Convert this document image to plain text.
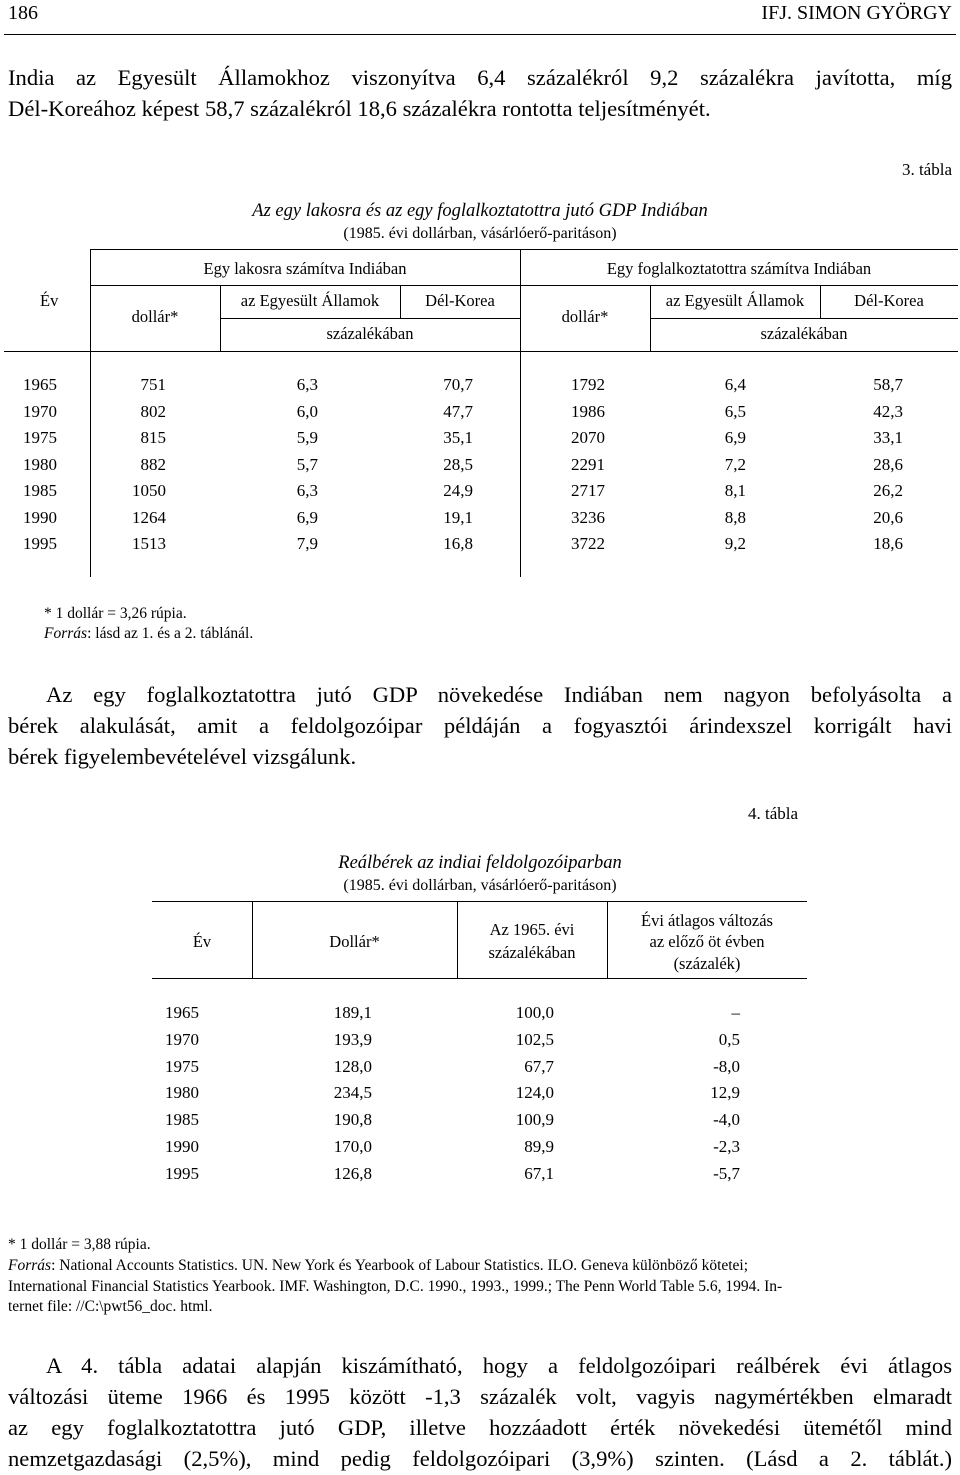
186	IFJ. SIMON GYÖRGY
India az Egyesült Államokhoz viszonyítva 6,4 százalékról 9,2 százalékra javította, míg
Dél-Koreához képest 58,7 százalékról 18,6 százalékra rontotta teljesítményét.
3. tábla
Az egy lakosra és az egy foglalkoztatottra jutó GDP Indiában
(1985. évi dollárban, vásárlóerő-paritáson)
Egy lakosra számítva Indiában	Egy foglalkoztatottra számítva Indiában
Év
dollár*
az Egyesült Államok	Dél-Korea
százalékában
dollár*
az Egyesült Államok	Dél-Korea
százalékában
1965	751	6,3	70,7	1792	6,4	58,7
1970	802	6,0	47,7	1986	6,5	42,3
1975	815	5,9	35,1	2070	6,9	33,1
1980	882	5,7	28,5	2291	7,2	28,6
1985	1050	6,3	24,9	2717	8,1	26,2
1990	1264	6,9	19,1	3236	8,8	20,6
1995	1513	7,9	16,8	3722	9,2	18,6
* 1 dollár = 3,26 rúpia.
Forrás: lásd az 1. és a 2. táblánál.
Az egy foglalkoztatottra jutó GDP növekedése Indiában nem nagyon befolyásolta a
bérek alakulását, amit a feldolgozóipar példáján a fogyasztói árindexszel korrigált havi
bérek figyelembevételével vizsgálunk.
4. tábla
Reálbérek az indiai feldolgozóiparban
(1985. évi dollárban, vásárlóerő-paritáson)
Év	Dollár*
Az 1965. évi
százalékában
Évi átlagos változás
az előző öt évben
(százalék)
1965	189,1	100,0	–
1970	193,9	102,5	0,5
1975	128,0	67,7	-8,0
1980	234,5	124,0	12,9
1985	190,8	100,9	-4,0
1990	170,0	89,9	-2,3
1995	126,8	67,1	-5,7
* 1 dollár = 3,88 rúpia.
Forrás: National Accounts Statistics. UN. New York és Yearbook of Labour Statistics. ILO. Geneva különböző kötetei;
International Financial Statistics Yearbook. IMF. Washington, D.C. 1990., 1993., 1999.; The Penn World Table 5.6, 1994. In-
ternet file: //C:\pwt56_doc. html.
A 4. tábla adatai alapján kiszámítható, hogy a feldolgozóipari reálbérek évi átlagos
változási üteme 1966 és 1995 között -1,3 százalék volt, vagyis nagymértékben elmaradt
az egy foglalkoztatottra jutó GDP, illetve hozzáadott érték növekedési ütemétől mind
nemzetgazdasági (2,5%), mind pedig feldolgozóipari (3,9%) szinten. (Lásd a 2. táblát.)
